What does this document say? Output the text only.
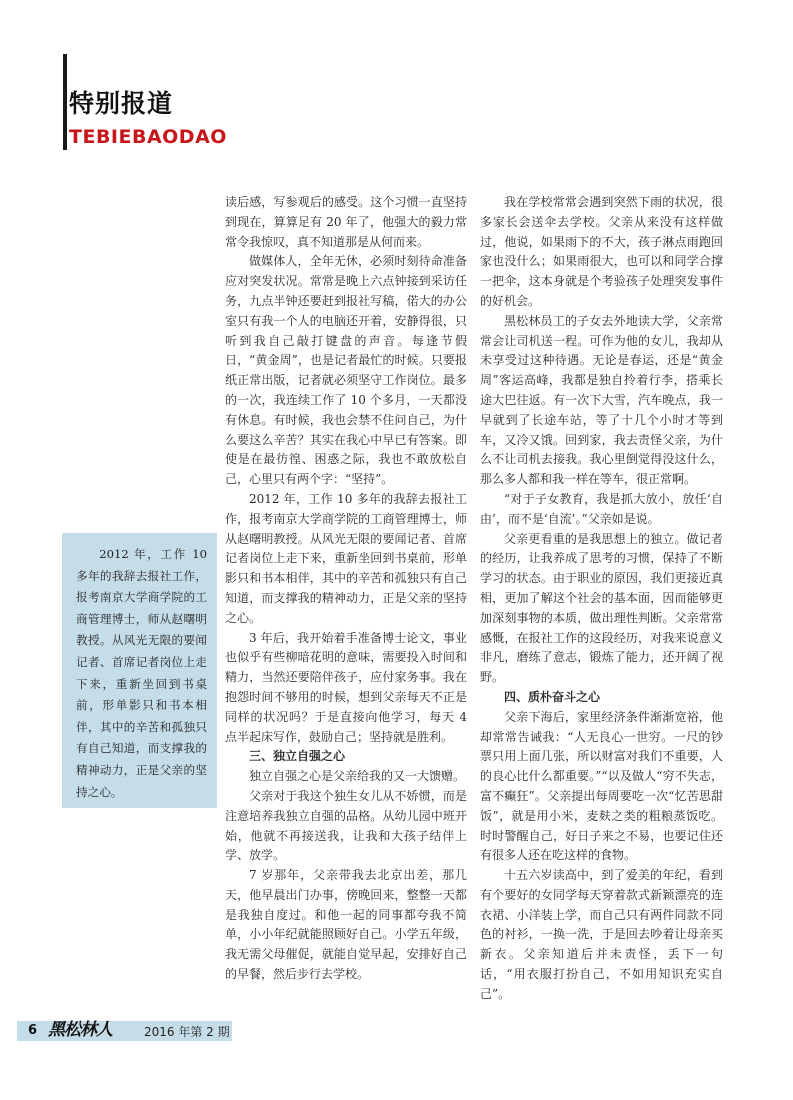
特别报道
TEBIEBAODAO

2012 年，工作 10 多年的我辞去报社工作，报考南京大学商学院的工商管理博士，师从赵曙明教授。从风光无限的要闻记者、首席记者岗位上走下来，重新坐回到书桌前，形单影只和书本相伴，其中的辛苦和孤独只有自己知道，而支撑我的精神动力，正是父亲的坚持之心。

读后感，写参观后的感受。这个习惯一直坚持到现在，算算足有 20 年了，他强大的毅力常常令我惊叹，真不知道那是从何而来。

做媒体人，全年无休，必须时刻待命准备应对突发状况。常常是晚上六点钟接到采访任务，九点半钟还要赶到报社写稿，偌大的办公室只有我一个人的电脑还开着，安静得很，只听到我自己敲打键盘的声音。每逢节假日，“黄金周”，也是记者最忙的时候。只要报纸正常出版，记者就必须坚守工作岗位。最多的一次，我连续工作了 10 个多月，一天都没有休息。有时候，我也会禁不住问自己，为什么要这么辛苦？其实在我心中早已有答案。即使是在最彷徨、困惑之际，我也不敢放松自己，心里只有两个字：“坚持”。

2012 年，工作 10 多年的我辞去报社工作，报考南京大学商学院的工商管理博士，师从赵曙明教授。从风光无限的要闻记者、首席记者岗位上走下来，重新坐回到书桌前，形单影只和书本相伴，其中的辛苦和孤独只有自己知道，而支撑我的精神动力，正是父亲的坚持之心。

3 年后，我开始着手准备博士论文，事业也似乎有些柳暗花明的意味，需要投入时间和精力，当然还要陪伴孩子，应付家务事。我在抱怨时间不够用的时候，想到父亲每天不正是同样的状况吗？于是直接向他学习，每天 4 点半起床写作，鼓励自己；坚持就是胜利。

三、独立自强之心

独立自强之心是父亲给我的又一大馈赠。

父亲对于我这个独生女儿从不娇惯，而是注意培养我独立自强的品格。从幼儿园中班开始，他就不再接送我，让我和大孩子结伴上学、放学。

7 岁那年，父亲带我去北京出差，那几天，他早晨出门办事，傍晚回来，整整一天都是我独自度过。和他一起的同事都夸我不简单，小小年纪就能照顾好自己。小学五年级，我无需父母催促，就能自觉早起，安排好自己的早餐，然后步行去学校。

我在学校常常会遇到突然下雨的状况，很多家长会送伞去学校。父亲从来没有这样做过，他说，如果雨下的不大，孩子淋点雨跑回家也没什么；如果雨很大，也可以和同学合撑一把伞，这本身就是个考验孩子处理突发事件的好机会。

黑松林员工的子女去外地读大学，父亲常常会让司机送一程。可作为他的女儿，我却从未享受过这种待遇。无论是春运，还是“黄金周”客运高峰，我都是独自拎着行李，搭乘长途大巴往返。有一次下大雪，汽车晚点，我一早就到了长途车站，等了十几个小时才等到车，又冷又饿。回到家，我去责怪父亲，为什么不让司机去接我。我心里倒觉得没这什么，那么多人都和我一样在等车，很正常啊。

“对于子女教育，我是抓大放小，放任‘自由’，而不是‘自流’。”父亲如是说。

父亲更看重的是我思想上的独立。做记者的经历，让我养成了思考的习惯，保持了不断学习的状态。由于职业的原因，我们更接近真相，更加了解这个社会的基本面，因而能够更加深刻事物的本质，做出理性判断。父亲常常感慨，在报社工作的这段经历，对我来说意义非凡，磨练了意志，锻炼了能力，还开阔了视野。

四、质朴奋斗之心

父亲下海后，家里经济条件渐渐宽裕，他却常常告诫我：“人无良心一世穷。一尺的钞票只用上面几张，所以财富对我们不重要，人的良心比什么都重要。”“以及做人“穷不失志，富不癫狂”。父亲提出每周要吃一次“忆苦思甜饭”，就是用小米，麦麸之类的粗粮蒸饭吃。时时警醒自己，好日子来之不易，也要记住还有很多人还在吃这样的食物。

十五六岁读高中，到了爱美的年纪，看到有个要好的女同学每天穿着款式新颖漂亮的连衣裙、小洋装上学，而自己只有两件同款不同色的衬衫，一换一洗，于是回去吵着让母亲买新衣。父亲知道后并未责怪，丢下一句话，“用衣服打扮自己，不如用知识充实自己”。

6 黑松林人	2016 年第 2 期
